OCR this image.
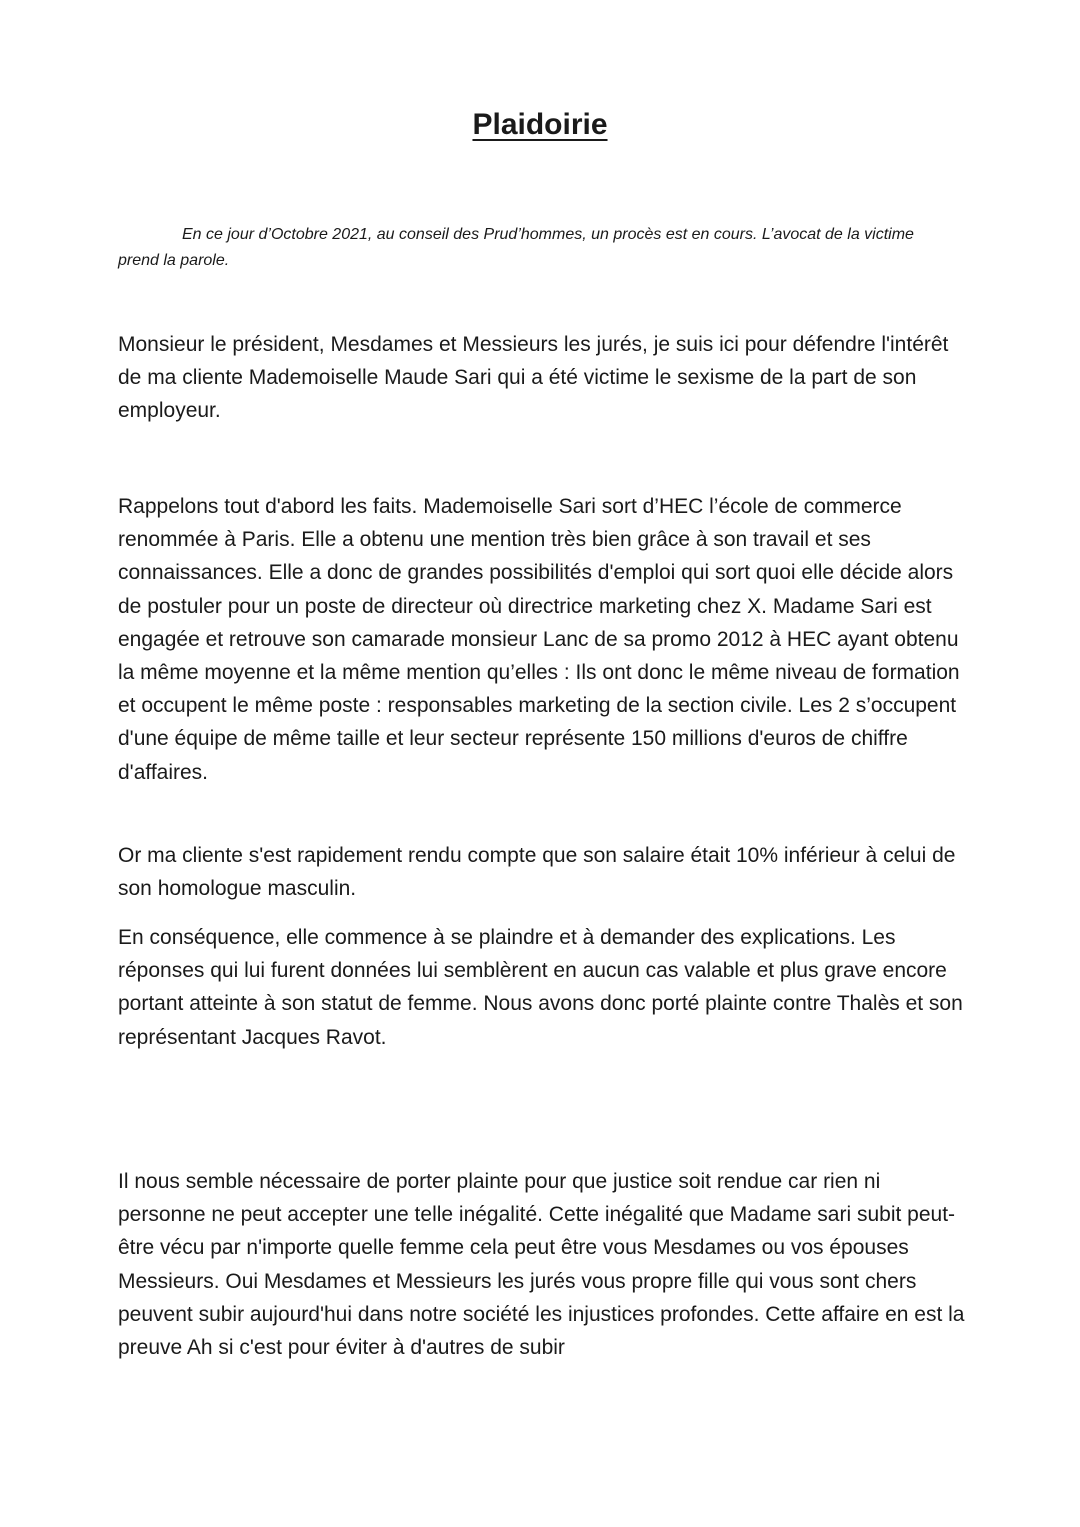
Plaidoirie

En ce jour d’Octobre 2021, au conseil des Prud’hommes, un procès est en cours. L’avocat de la victime prend la parole.

Monsieur le président, Mesdames et Messieurs les jurés, je suis ici pour défendre l'intérêt de ma cliente Mademoiselle Maude Sari qui a été victime le sexisme de la part de son employeur.

Rappelons tout d'abord les faits. Mademoiselle Sari sort d’HEC l’école de commerce renommée à Paris. Elle a obtenu une mention très bien grâce à son travail et ses connaissances. Elle a donc de grandes possibilités d'emploi qui sort quoi elle décide alors de postuler pour un poste de directeur où directrice marketing chez X. Madame Sari est engagée et retrouve son camarade monsieur Lanc de sa promo 2012 à HEC ayant obtenu la même moyenne et la même mention qu’elles : Ils ont donc le même niveau de formation et occupent le même poste : responsables marketing de la section civile. Les 2 s’occupent d'une équipe de même taille et leur secteur représente 150 millions d'euros de chiffre d'affaires.

Or ma cliente s'est rapidement rendu compte que son salaire était 10% inférieur à celui de son homologue masculin.

En conséquence, elle commence à se plaindre et à demander des explications. Les réponses qui lui furent données lui semblèrent en aucun cas valable et plus grave encore portant atteinte à son statut de femme. Nous avons donc porté plainte contre Thalès et son représentant Jacques Ravot.

Il nous semble nécessaire de porter plainte pour que justice soit rendue car rien ni personne ne peut accepter une telle inégalité. Cette inégalité que Madame sari subit peut-être vécu par n'importe quelle femme cela peut être vous Mesdames ou vos épouses Messieurs. Oui Mesdames et Messieurs les jurés vous propre fille qui vous sont chers peuvent subir aujourd'hui dans notre société les injustices profondes. Cette affaire en est la preuve Ah si c'est pour éviter à d'autres de subir
